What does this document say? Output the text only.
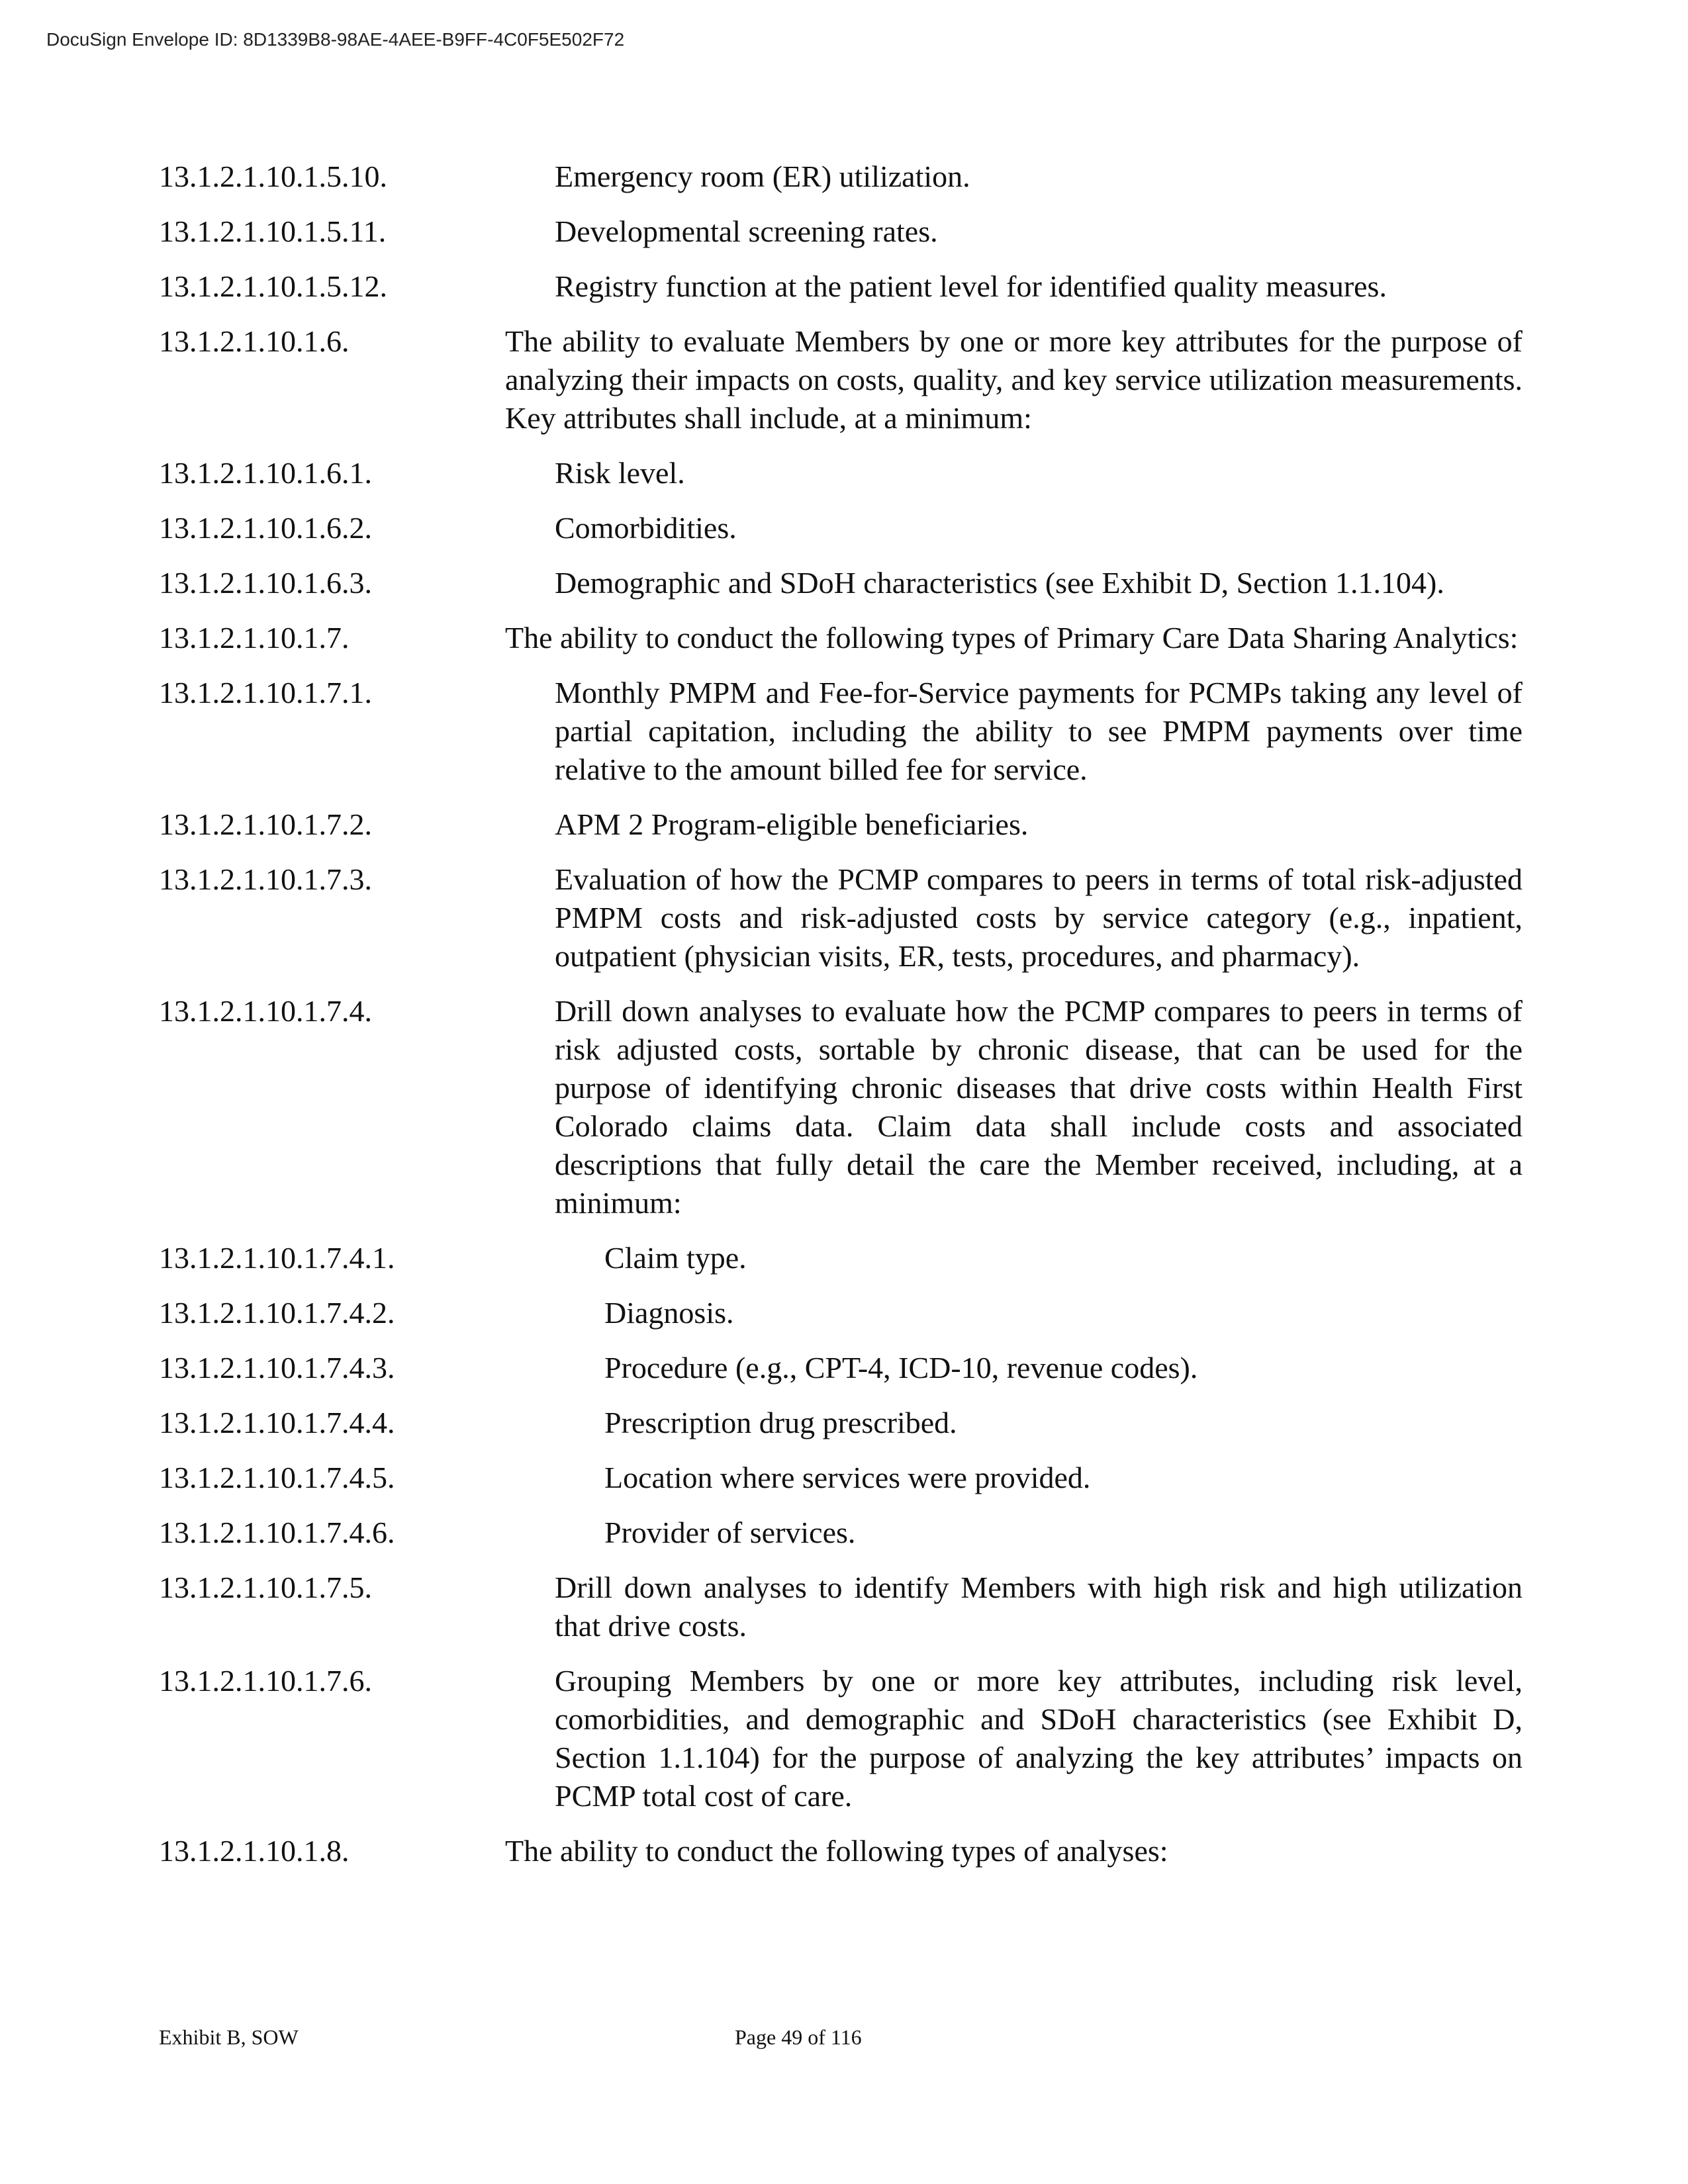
DocuSign Envelope ID: 8D1339B8-98AE-4AEE-B9FF-4C0F5E502F72
13.1.2.1.10.1.5.10.	Emergency room (ER) utilization.
13.1.2.1.10.1.5.11.	Developmental screening rates.
13.1.2.1.10.1.5.12.	Registry function at the patient level for identified quality measures.
13.1.2.1.10.1.6.	The ability to evaluate Members by one or more key attributes for the purpose of analyzing their impacts on costs, quality, and key service utilization measurements. Key attributes shall include, at a minimum:
13.1.2.1.10.1.6.1.	Risk level.
13.1.2.1.10.1.6.2.	Comorbidities.
13.1.2.1.10.1.6.3.	Demographic and SDoH characteristics (see Exhibit D, Section 1.1.104).
13.1.2.1.10.1.7.	The ability to conduct the following types of Primary Care Data Sharing Analytics:
13.1.2.1.10.1.7.1.	Monthly PMPM and Fee-for-Service payments for PCMPs taking any level of partial capitation, including the ability to see PMPM payments over time relative to the amount billed fee for service.
13.1.2.1.10.1.7.2.	APM 2 Program-eligible beneficiaries.
13.1.2.1.10.1.7.3.	Evaluation of how the PCMP compares to peers in terms of total risk-adjusted PMPM costs and risk-adjusted costs by service category (e.g., inpatient, outpatient (physician visits, ER, tests, procedures, and pharmacy).
13.1.2.1.10.1.7.4.	Drill down analyses to evaluate how the PCMP compares to peers in terms of risk adjusted costs, sortable by chronic disease, that can be used for the purpose of identifying chronic diseases that drive costs within Health First Colorado claims data. Claim data shall include costs and associated descriptions that fully detail the care the Member received, including, at a minimum:
13.1.2.1.10.1.7.4.1.	Claim type.
13.1.2.1.10.1.7.4.2.	Diagnosis.
13.1.2.1.10.1.7.4.3.	Procedure (e.g., CPT-4, ICD-10, revenue codes).
13.1.2.1.10.1.7.4.4.	Prescription drug prescribed.
13.1.2.1.10.1.7.4.5.	Location where services were provided.
13.1.2.1.10.1.7.4.6.	Provider of services.
13.1.2.1.10.1.7.5.	Drill down analyses to identify Members with high risk and high utilization that drive costs.
13.1.2.1.10.1.7.6.	Grouping Members by one or more key attributes, including risk level, comorbidities, and demographic and SDoH characteristics (see Exhibit D, Section 1.1.104) for the purpose of analyzing the key attributes’ impacts on PCMP total cost of care.
13.1.2.1.10.1.8.	The ability to conduct the following types of analyses:
Exhibit B, SOW	Page 49 of 116
